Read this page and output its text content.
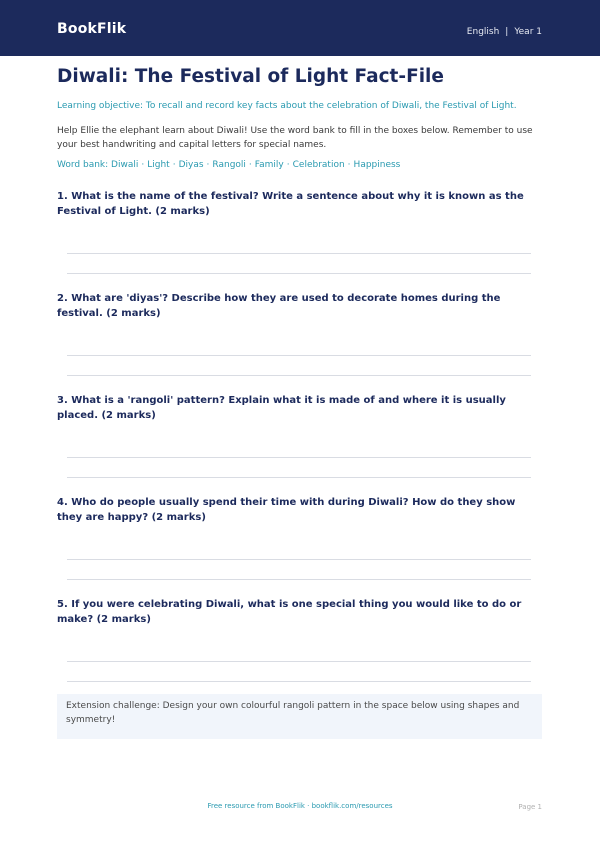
BookFlik	English | Year 1
Diwali: The Festival of Light Fact-File
Learning objective: To recall and record key facts about the celebration of Diwali, the Festival of Light.
Help Ellie the elephant learn about Diwali! Use the word bank to fill in the boxes below. Remember to use your best handwriting and capital letters for special names.
Word bank: Diwali · Light · Diyas · Rangoli · Family · Celebration · Happiness
1. What is the name of the festival? Write a sentence about why it is known as the Festival of Light. (2 marks)
2. What are 'diyas'? Describe how they are used to decorate homes during the festival. (2 marks)
3. What is a 'rangoli' pattern? Explain what it is made of and where it is usually placed. (2 marks)
4. Who do people usually spend their time with during Diwali? How do they show they are happy? (2 marks)
5. If you were celebrating Diwali, what is one special thing you would like to do or make? (2 marks)
Extension challenge: Design your own colourful rangoli pattern in the space below using shapes and symmetry!
Free resource from BookFlik · bookflik.com/resources	Page 1
